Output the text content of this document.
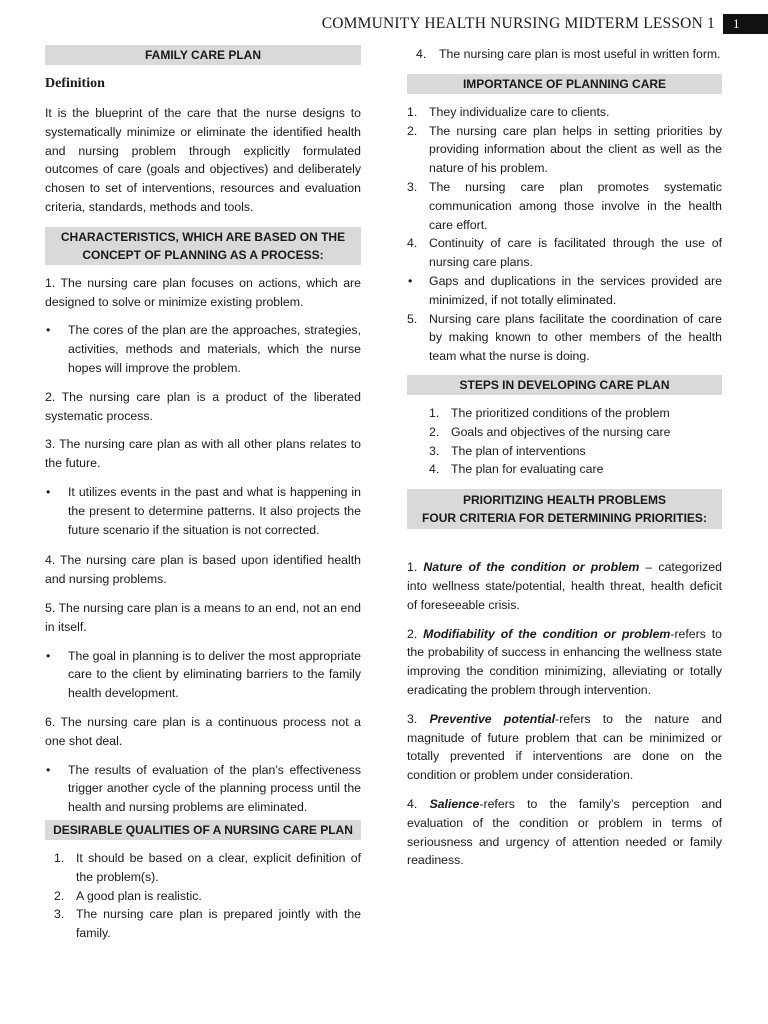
COMMUNITY HEALTH NURSING MIDTERM LESSON 1	1
FAMILY CARE PLAN
Definition

It is the blueprint of the care that the nurse designs to systematically minimize or eliminate the identified health and nursing problem through explicitly formulated outcomes of care (goals and objectives) and deliberately chosen to set of interventions, resources and evaluation criteria, standards, methods and tools.

CHARACTERISTICS, WHICH ARE BASED ON THE CONCEPT OF PLANNING AS A PROCESS:

1. The nursing care plan focuses on actions, which are designed to solve or minimize existing problem.

•	The cores of the plan are the approaches, strategies, activities, methods and materials, which the nurse hopes will improve the problem.

2. The nursing care plan is a product of the liberated systematic process.

3. The nursing care plan as with all other plans relates to the future.

•	It utilizes events in the past and what is happening in the present to determine patterns. It also projects the future scenario if the situation is not corrected.

4. The nursing care plan is based upon identified health and nursing problems.

5. The nursing care plan is a means to an end, not an end in itself.

•	The goal in planning is to deliver the most appropriate care to the client by eliminating barriers to the family health development.

6. The nursing care plan is a continuous process not a one shot deal.

•	The results of evaluation of the plan’s effectiveness trigger another cycle of the planning process until the health and nursing problems are eliminated.
DESIRABLE QUALITIES OF A NURSING CARE PLAN
1. It should be based on a clear, explicit definition of the problem(s).
2. A good plan is realistic.
3. The nursing care plan is prepared jointly with the family.
4.	The nursing care plan is most useful in written form.
IMPORTANCE OF PLANNING CARE
1. They individualize care to clients.
2. The nursing care plan helps in setting priorities by providing information about the client as well as the nature of his problem.
3. The nursing care plan promotes systematic communication among those involve in the health care effort.
4. Continuity of care is facilitated through the use of nursing care plans.
•	Gaps and duplications in the services provided are minimized, if not totally eliminated.
5. Nursing care plans facilitate the coordination of care by making known to other members of the health team what the nurse is doing.
STEPS IN DEVELOPING CARE PLAN
1. The prioritized conditions of the problem
2. Goals and objectives of the nursing care
3. The plan of interventions
4. The plan for evaluating care
PRIORITIZING HEALTH PROBLEMS
FOUR CRITERIA FOR DETERMINING PRIORITIES:

1. Nature of the condition or problem – categorized into wellness state/potential, health threat, health deficit of foreseeable crisis.

2. Modifiability of the condition or problem-refers to the probability of success in enhancing the wellness state improving the condition minimizing, alleviating or totally eradicating the problem through intervention.

3. Preventive potential-refers to the nature and magnitude of future problem that can be minimized or totally prevented if interventions are done on the condition or problem under consideration.

4. Salience-refers to the family’s perception and evaluation of the condition or problem in terms of seriousness and urgency of attention needed or family readiness.
